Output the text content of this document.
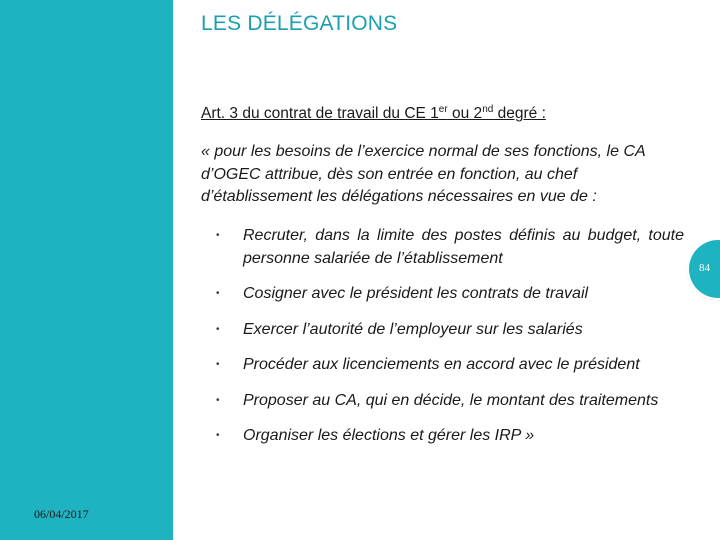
06/04/2017
LES DÉLÉGATIONS
Art. 3 du contrat de travail du CE 1er ou 2nd degré :
« pour les besoins de l’exercice normal de ses fonctions, le CA d’OGEC attribue, dès son entrée en fonction, au chef d’établissement les délégations nécessaires en vue de :
•	Recruter, dans la limite des postes définis au budget, toute personne salariée de l’établissement
•	Cosigner avec le président les contrats de travail
•	Exercer l’autorité de l’employeur sur les salariés
•	Procéder aux licenciements en accord avec le président
•	Proposer au CA, qui en décide, le montant des traitements
•	Organiser les élections et gérer les IRP »
84
